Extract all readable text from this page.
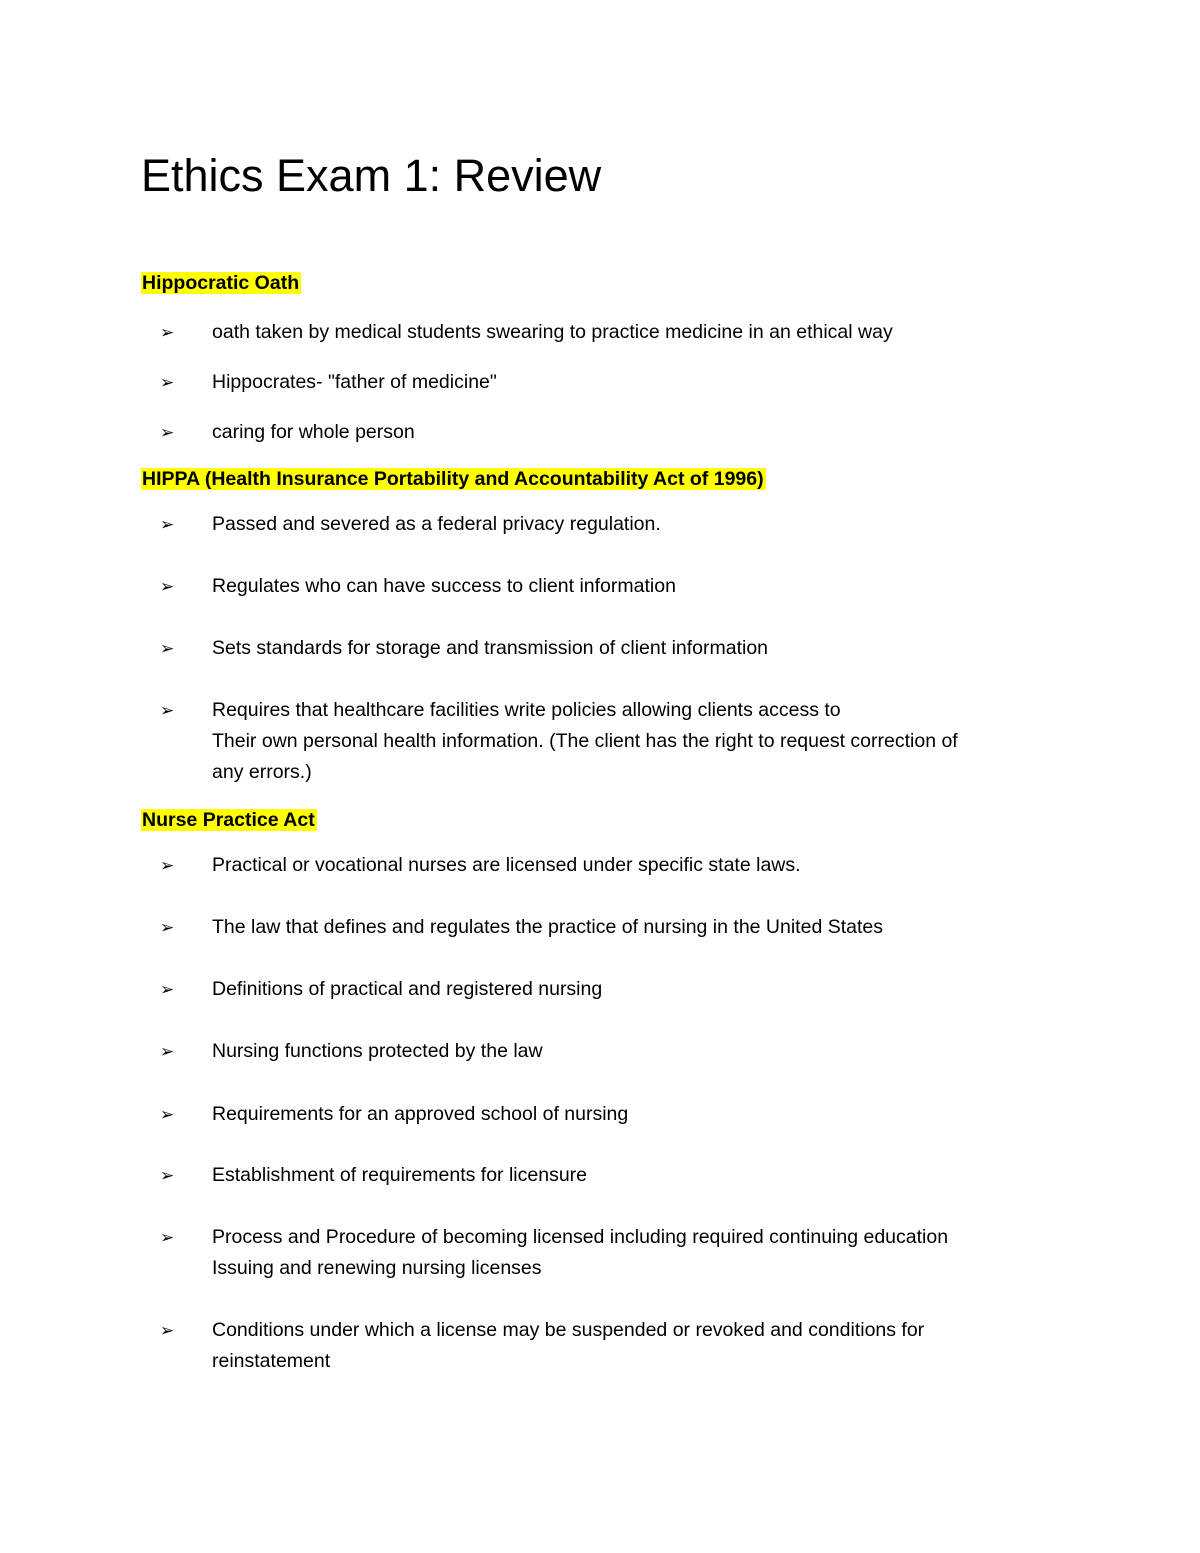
Ethics Exam 1: Review
Hippocratic Oath
➢	oath taken by medical students swearing to practice medicine in an ethical way
➢	Hippocrates- "father of medicine"
➢	caring for whole person
HIPPA (Health Insurance Portability and Accountability Act of 1996)
➢	Passed and severed as a federal privacy regulation.
➢	Regulates who can have success to client information
➢	Sets standards for storage and transmission of client information
➢	Requires that healthcare facilities write policies allowing clients access to
Their own personal health information. (The client has the right to request correction of
any errors.)
Nurse Practice Act
➢	Practical or vocational nurses are licensed under specific state laws.
➢	The law that defines and regulates the practice of nursing in the United States
➢	Definitions of practical and registered nursing
➢	Nursing functions protected by the law
➢	Requirements for an approved school of nursing
➢	Establishment of requirements for licensure
➢	Process and Procedure of becoming licensed including required continuing education
Issuing and renewing nursing licenses
➢	Conditions under which a license may be suspended or revoked and conditions for
reinstatement
